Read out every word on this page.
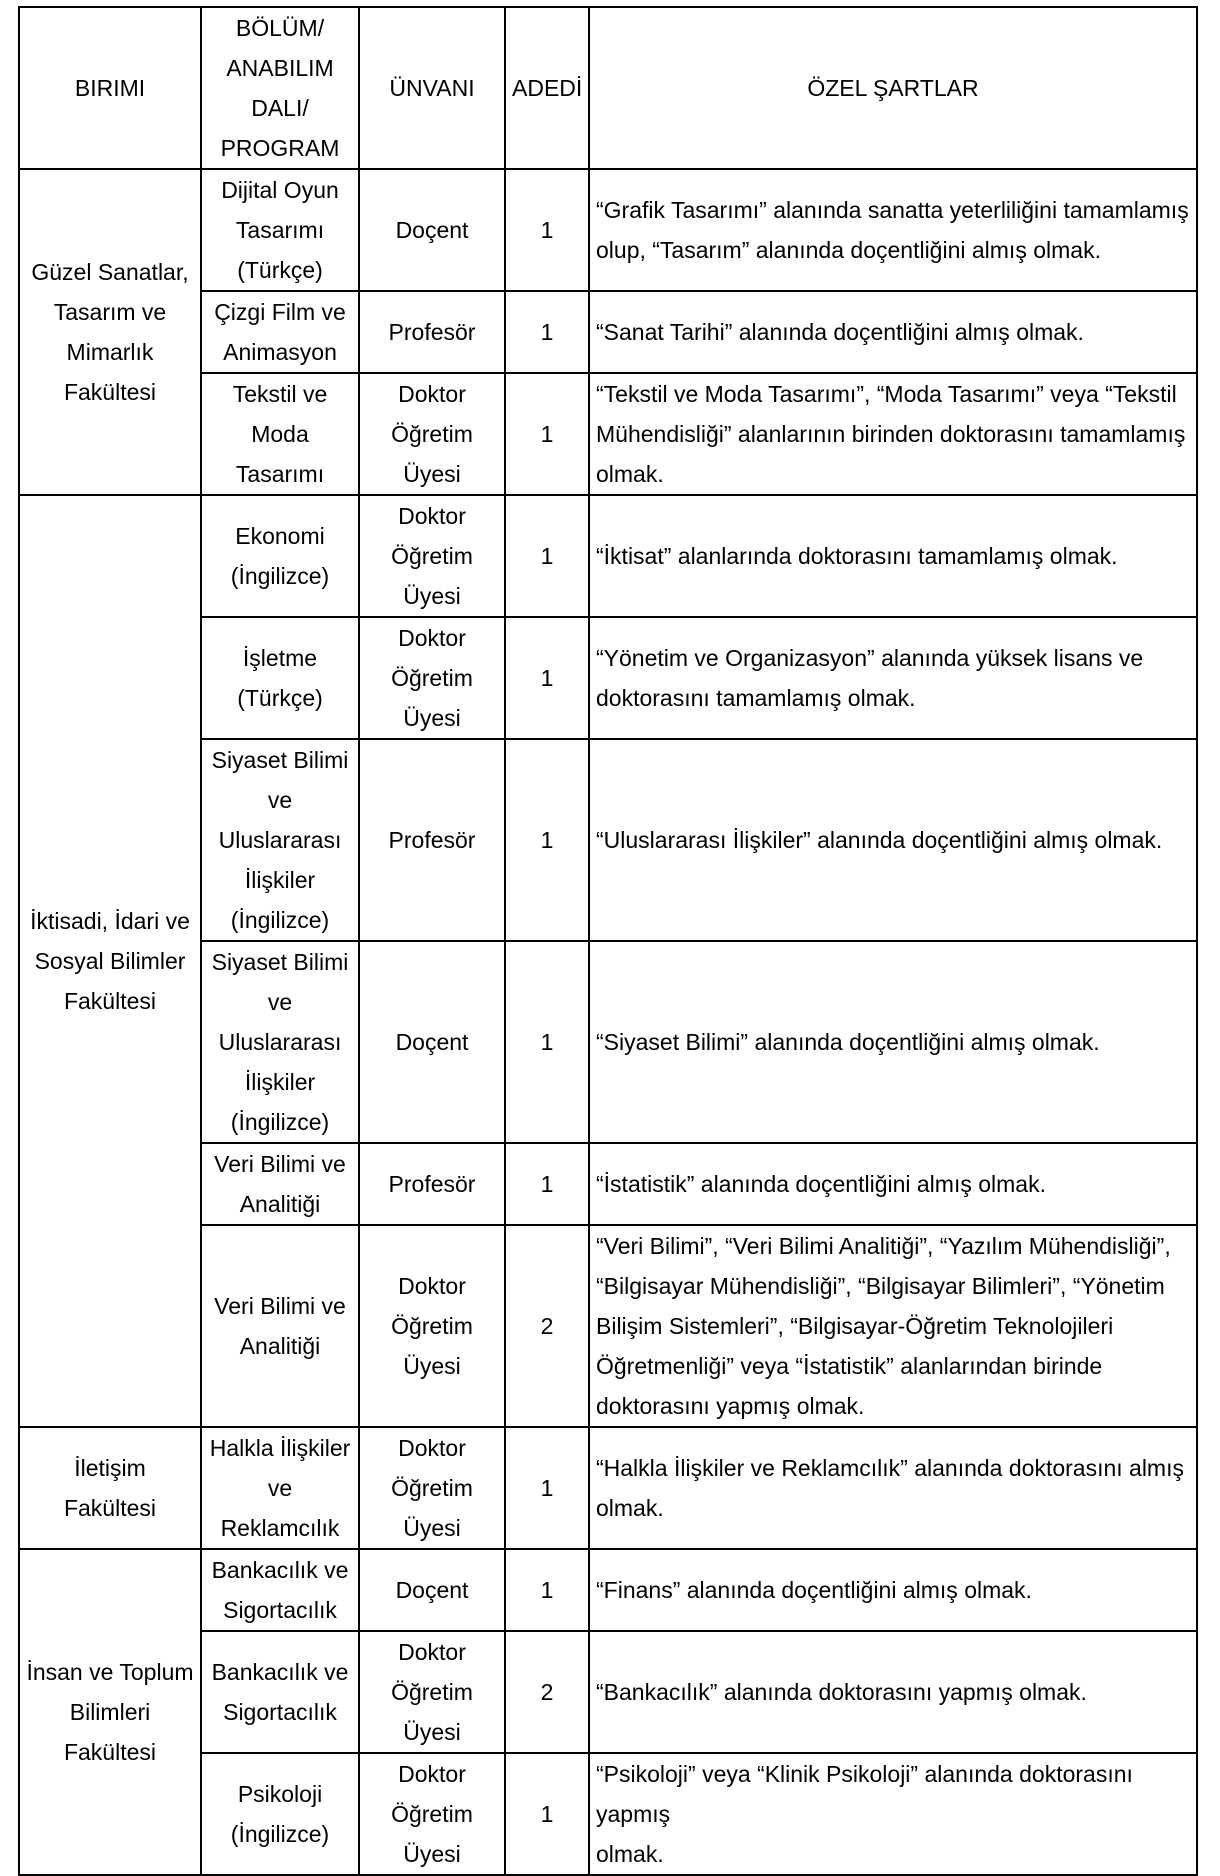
BIRIMI	BÖLÜM/
ANABILIM
DALI/
PROGRAM	ÜNVANI	ADEDİ	ÖZEL ŞARTLAR

Güzel Sanatlar,
Tasarım ve
Mimarlık
Fakültesi	Dijital Oyun
Tasarımı
(Türkçe)	Doçent	1	“Grafik Tasarımı” alanında sanatta yeterliliğini tamamlamış
olup, “Tasarım” alanında doçentliğini almış olmak.

	Çizgi Film ve
Animasyon	Profesör	1	“Sanat Tarihi” alanında doçentliğini almış olmak.

	Tekstil ve Moda
Tasarımı	Doktor
Öğretim Üyesi	1	“Tekstil ve Moda Tasarımı”, “Moda Tasarımı” veya “Tekstil
Mühendisliği” alanlarının birinden doktorasını tamamlamış
olmak.

İktisadi, İdari ve
Sosyal Bilimler
Fakültesi	Ekonomi
(İngilizce)	Doktor
Öğretim Üyesi	1	“İktisat” alanlarında doktorasını tamamlamış olmak.

	İşletme
(Türkçe)	Doktor
Öğretim Üyesi	1	“Yönetim ve Organizasyon” alanında yüksek lisans ve
doktorasını tamamlamış olmak.

	Siyaset Bilimi
ve Uluslararası
İlişkiler
(İngilizce)	Profesör	1	“Uluslararası İlişkiler” alanında doçentliğini almış olmak.

	Siyaset Bilimi
ve Uluslararası
İlişkiler
(İngilizce)	Doçent	1	“Siyaset Bilimi” alanında doçentliğini almış olmak.

	Veri Bilimi ve
Analitiği	Profesör	1	“İstatistik” alanında doçentliğini almış olmak.

	Veri Bilimi ve
Analitiği	Doktor
Öğretim Üyesi	2	“Veri Bilimi”, “Veri Bilimi Analitiği”, “Yazılım Mühendisliği”,
“Bilgisayar Mühendisliği”, “Bilgisayar Bilimleri”, “Yönetim
Bilişim Sistemleri”, “Bilgisayar-Öğretim Teknolojileri
Öğretmenliği” veya “İstatistik” alanlarından birinde
doktorasını yapmış olmak.

İletişim Fakültesi	Halkla İlişkiler
ve Reklamcılık	Doktor
Öğretim Üyesi	1	“Halkla İlişkiler ve Reklamcılık” alanında doktorasını almış
olmak.

İnsan ve Toplum
Bilimleri Fakültesi	Bankacılık ve
Sigortacılık	Doçent	1	“Finans” alanında doçentliğini almış olmak.

	Bankacılık ve
Sigortacılık	Doktor
Öğretim Üyesi	2	“Bankacılık” alanında doktorasını yapmış olmak.

	Psikoloji
(İngilizce)	Doktor
Öğretim Üyesi	1	“Psikoloji” veya “Klinik Psikoloji” alanında doktorasını yapmış
olmak.
